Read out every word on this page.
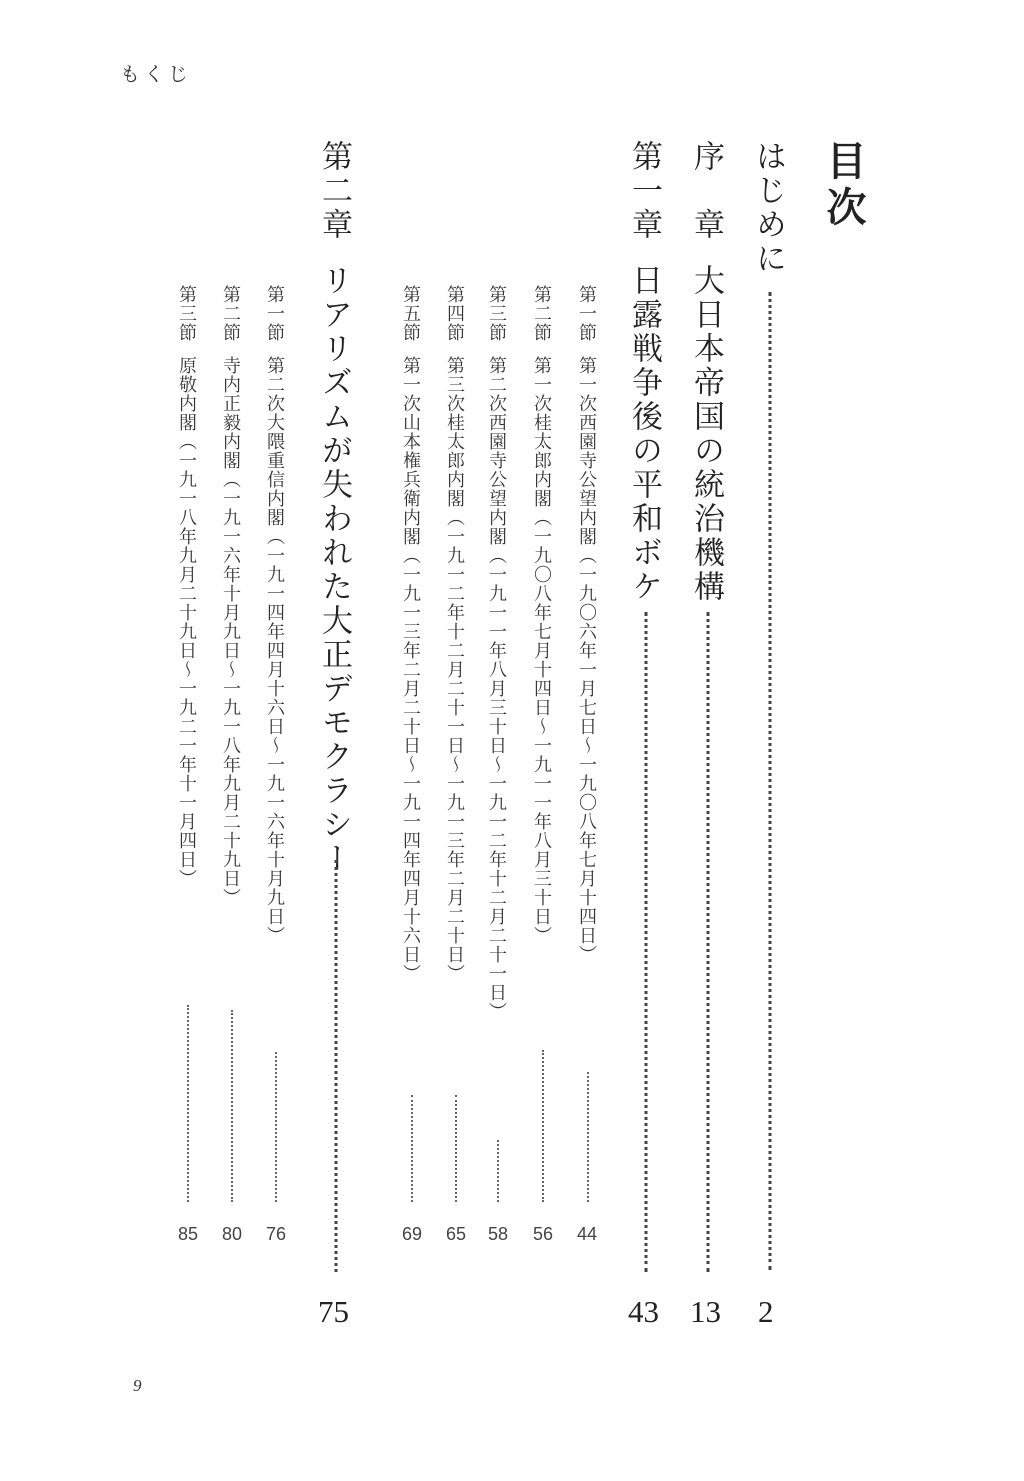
もくじ
目次
はじめに
2
序　章大日本帝国の統治機構
13
第一章日露戦争後の平和ボケ
43
第一節第一次西園寺公望内閣（一九〇六年一月七日～一九〇八年七月十四日）
44
第二節第一次桂太郎内閣（一九〇八年七月十四日～一九一一年八月三十日）
56
第三節第二次西園寺公望内閣（一九一一年八月三十日～一九一二年十二月二十一日）
58
第四節第三次桂太郎内閣（一九一二年十二月二十一日～一九一三年二月二十日）
65
第五節第一次山本権兵衛内閣（一九一三年二月二十日～一九一四年四月十六日）
69
第二章リアリズムが失われた大正デモクラシー
75
第一節第二次大隈重信内閣（一九一四年四月十六日～一九一六年十月九日）
76
第二節寺内正毅内閣（一九一六年十月九日～一九一八年九月二十九日）
80
第三節原敬内閣（一九一八年九月二十九日～一九二一年十一月四日）
85
9
